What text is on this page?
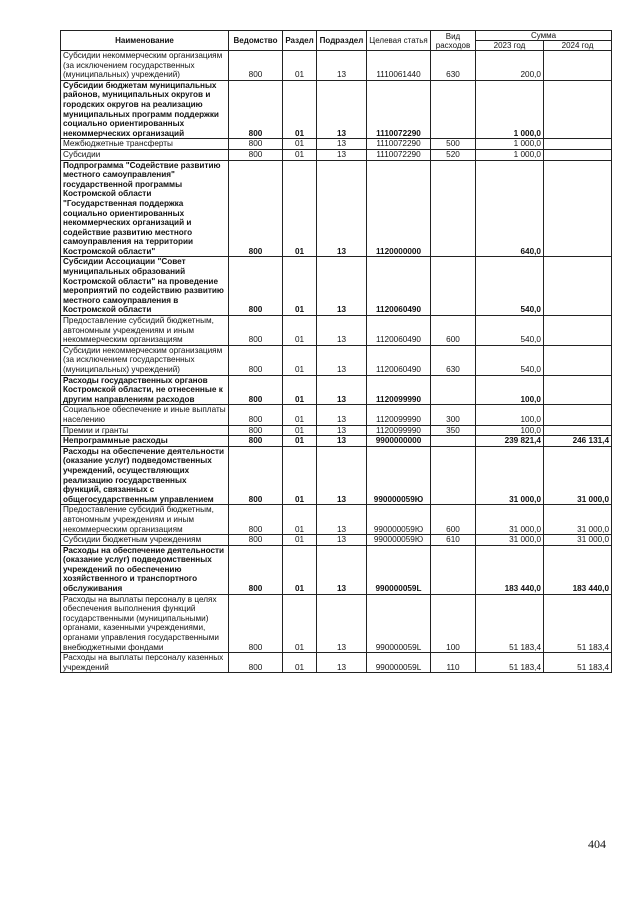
Наименование	Ведомство	Раздел	Подраздел	Целевая статья	Вид расходов	Сумма	
						2023 год	2024 год
Субсидии некоммерческим организациям (за исключением государственных (муниципальных) учреждений)	800	01	13	1110061440	630	200,0	
Субсидии бюджетам муниципальных районов, муниципальных округов и городских округов на реализацию муниципальных программ поддержки социально ориентированных некоммерческих организаций	800	01	13	1110072290		1 000,0	
Межбюджетные трансферты	800	01	13	1110072290	500	1 000,0	
Субсидии	800	01	13	1110072290	520	1 000,0	
Подпрограмма "Содействие развитию местного самоуправления" государственной программы Костромской области "Государственная поддержка социально ориентированных некоммерческих организаций и содействие развитию местного самоуправления на территории Костромской области"	800	01	13	1120000000		640,0	
Субсидии Ассоциации "Совет муниципальных образований Костромской области" на проведение мероприятий по содействию развитию местного самоуправления в Костромской области	800	01	13	1120060490		540,0	
Предоставление субсидий бюджетным, автономным учреждениям и иным некоммерческим организациям	800	01	13	1120060490	600	540,0	
Субсидии некоммерческим организациям (за исключением государственных (муниципальных) учреждений)	800	01	13	1120060490	630	540,0	
Расходы государственных органов Костромской области, не отнесенные к другим направлениям расходов	800	01	13	1120099990		100,0	
Социальное обеспечение и иные выплаты населению	800	01	13	1120099990	300	100,0	
Премии и гранты	800	01	13	1120099990	350	100,0	
Непрограммные расходы	800	01	13	9900000000		239 821,4	246 131,4
Расходы на обеспечение деятельности (оказание услуг) подведомственных учреждений, осуществляющих реализацию государственных функций, связанных с общегосударственным управлением	800	01	13	990000059Ю		31 000,0	31 000,0
Предоставление субсидий бюджетным, автономным учреждениям и иным некоммерческим организациям	800	01	13	990000059Ю	600	31 000,0	31 000,0
Субсидии бюджетным учреждениям	800	01	13	990000059Ю	610	31 000,0	31 000,0
Расходы на обеспечение деятельности (оказание услуг) подведомственных учреждений по обеспечению хозяйственного и транспортного обслуживания	800	01	13	990000059L		183 440,0	183 440,0
Расходы на выплаты персоналу в целях обеспечения выполнения функций государственными (муниципальными) органами, казенными учреждениями, органами управления государственными внебюджетными фондами	800	01	13	990000059L	100	51 183,4	51 183,4
Расходы на выплаты персоналу казенных учреждений	800	01	13	990000059L	110	51 183,4	51 183,4
404
